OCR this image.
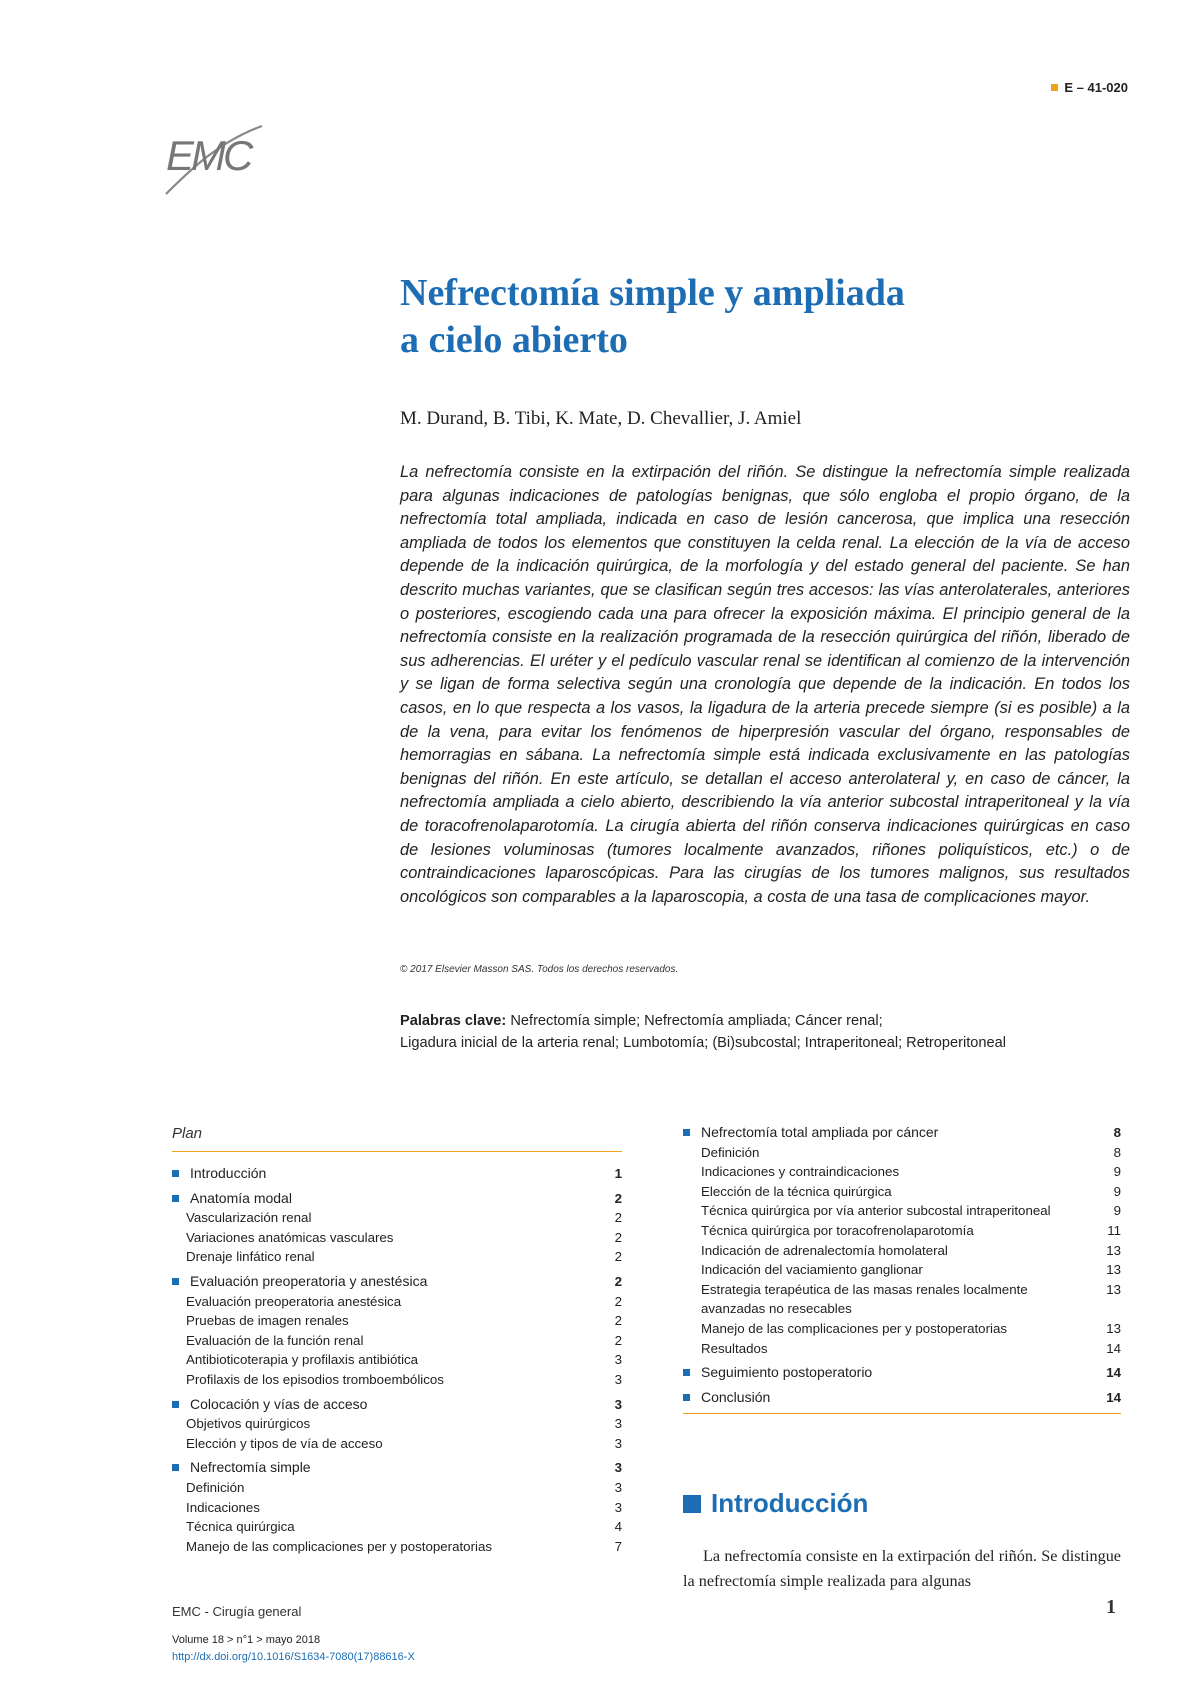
E – 41-020
EMC
Nefrectomía simple y ampliada
a cielo abierto
M. Durand, B. Tibi, K. Mate, D. Chevallier, J. Amiel

La nefrectomía consiste en la extirpación del riñón. Se distingue la nefrectomía simple realizada para algunas indicaciones de patologías benignas, que sólo engloba el propio órgano, de la nefrectomía total ampliada, indicada en caso de lesión cancerosa, que implica una resección ampliada de todos los elementos que constituyen la celda renal. La elección de la vía de acceso depende de la indicación quirúrgica, de la morfología y del estado general del paciente. Se han descrito muchas variantes, que se clasifican según tres accesos: las vías anterolaterales, anteriores o posteriores, escogiendo cada una para ofrecer la exposición máxima. El principio general de la nefrectomía consiste en la realización programada de la resección quirúrgica del riñón, liberado de sus adherencias. El uréter y el pedículo vascular renal se identifican al comienzo de la intervención y se ligan de forma selectiva según una cronología que depende de la indicación. En todos los casos, en lo que respecta a los vasos, la ligadura de la arteria precede siempre (si es posible) a la de la vena, para evitar los fenómenos de hiperpresión vascular del órgano, responsables de hemorragias en sábana. La nefrectomía simple está indicada exclusivamente en las patologías benignas del riñón. En este artículo, se detallan el acceso anterolateral y, en caso de cáncer, la nefrectomía ampliada a cielo abierto, describiendo la vía anterior subcostal intraperitoneal y la vía de toracofrenolaparotomía. La cirugía abierta del riñón conserva indicaciones quirúrgicas en caso de lesiones voluminosas (tumores localmente avanzados, riñones poliquísticos, etc.) o de contraindicaciones laparoscópicas. Para las cirugías de los tumores malignos, sus resultados oncológicos son comparables a la laparoscopia, a costa de una tasa de complicaciones mayor.

© 2017 Elsevier Masson SAS. Todos los derechos reservados.

Palabras clave: Nefrectomía simple; Nefrectomía ampliada; Cáncer renal;
Ligadura inicial de la arteria renal; Lumbotomía; (Bi)subcostal; Intraperitoneal; Retroperitoneal

Plan
Introducción	1
Anatomía modal	2
Vascularización renal	2
Variaciones anatómicas vasculares	2
Drenaje linfático renal	2
Evaluación preoperatoria y anestésica	2
Evaluación preoperatoria anestésica	2
Pruebas de imagen renales	2
Evaluación de la función renal	2
Antibioticoterapia y profilaxis antibiótica	3
Profilaxis de los episodios tromboembólicos	3
Colocación y vías de acceso	3
Objetivos quirúrgicos	3
Elección y tipos de vía de acceso	3
Nefrectomía simple	3
Definición	3
Indicaciones	3
Técnica quirúrgica	4
Manejo de las complicaciones per y postoperatorias	7
Nefrectomía total ampliada por cáncer	8
Definición	8
Indicaciones y contraindicaciones	9
Elección de la técnica quirúrgica	9
Técnica quirúrgica por vía anterior subcostal intraperitoneal	9
Técnica quirúrgica por toracofrenolaparotomía	11
Indicación de adrenalectomía homolateral	13
Indicación del vaciamiento ganglionar	13
Estrategia terapéutica de las masas renales localmente avanzadas no resecables
13
Manejo de las complicaciones per y postoperatorias	13
Resultados	14
Seguimiento postoperatorio	14
Conclusión	14
Introducción

La nefrectomía consiste en la extirpación del riñón. Se distingue la nefrectomía simple realizada para algunas

EMC - Cirugía general	1
Volume 18 > n°1 > mayo 2018
http://dx.doi.org/10.1016/S1634-7080(17)88616-X
